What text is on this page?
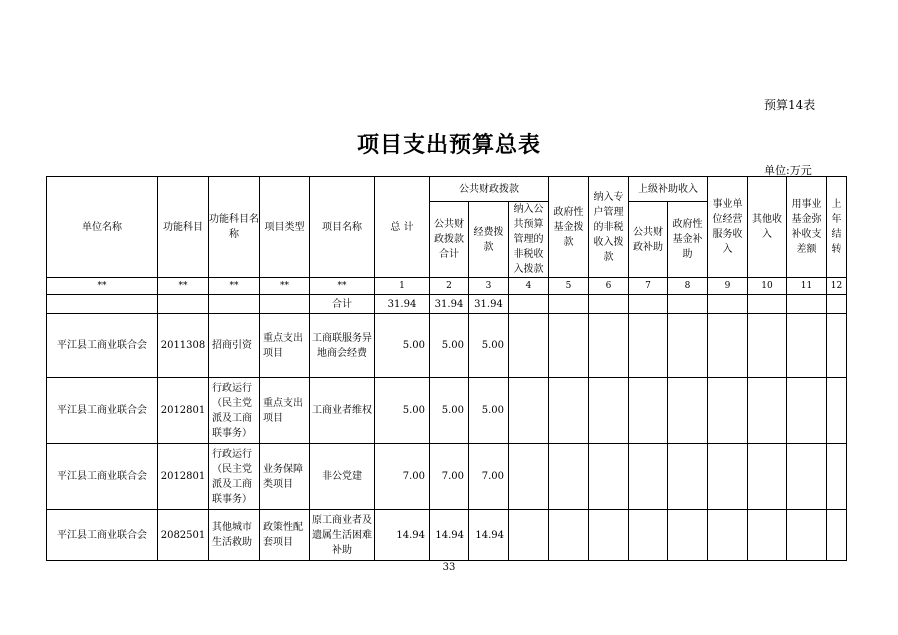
预算14表
项目支出预算总表
单位:万元
单位名称	功能科目	功能科目名称	项目类型	项目名称	总 计	公共财政拨款			政府性基金拨款	纳入专户管理的非税收入拨款	上级补助收入		事业单位经营服务收入	其他收入	用事业基金弥补收支差额	上年结转
						公共财政拨款合计	经费拨款	纳入公共预算管理的非税收入拨款			公共财政补助	政府性基金补助				
**	**	**	**	**	1	2	3	4	5	6	7	8	9	10	11	12
				合计	31.94	31.94	31.94									
平江县工商业联合会	2011308	招商引资	重点支出项目	工商联服务异地商会经费	5.00	5.00	5.00									
平江县工商业联合会	2012801	行政运行（民主党派及工商联事务）	重点支出项目	工商业者维权	5.00	5.00	5.00									
平江县工商业联合会	2012801	行政运行（民主党派及工商联事务）	业务保障类项目	非公党建	7.00	7.00	7.00									
平江县工商业联合会	2082501	其他城市生活救助	政策性配套项目	原工商业者及遗属生活困难补助	14.94	14.94	14.94									
33
